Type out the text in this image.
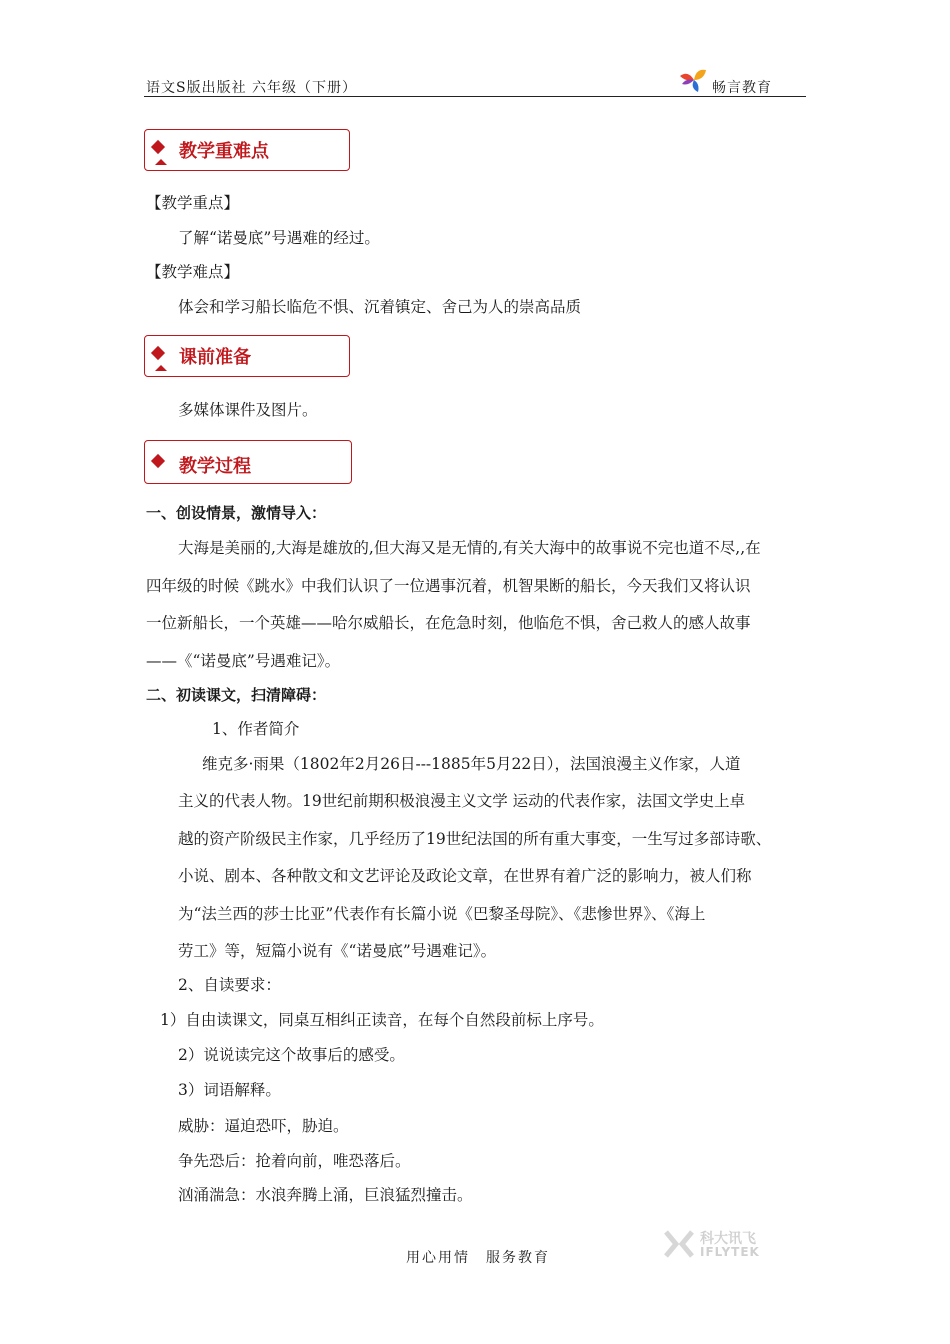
语文S版出版社 六年级（下册）	畅言教育
教学重难点
【教学重点】
了解“诺曼底”号遇难的经过。
【教学难点】
体会和学习船长临危不惧、沉着镇定、舍己为人的崇高品质
课前准备
多媒体课件及图片。
教学过程
一、创设情景，激情导入：
大海是美丽的,大海是雄放的,但大海又是无情的,有关大海中的故事说不完也道不尽,,在
四年级的时候《跳水》中我们认识了一位遇事沉着，机智果断的船长，今天我们又将认识
一位新船长，一个英雄——哈尔威船长，在危急时刻，他临危不惧，舍己救人的感人故事
——《“诺曼底”号遇难记》。
二、初读课文，扫清障碍：
1、作者简介
维克多·雨果（1802年2月26日---1885年5月22日），法国浪漫主义作家，人道
主义的代表人物。19世纪前期积极浪漫主义文学 运动的代表作家，法国文学史上卓
越的资产阶级民主作家，几乎经历了19世纪法国的所有重大事变，一生写过多部诗歌、
小说、剧本、各种散文和文艺评论及政论文章，在世界有着广泛的影响力，被人们称
为“法兰西的莎士比亚”代表作有长篇小说《巴黎圣母院》、《悲惨世界》、《海上
劳工》等，短篇小说有《“诺曼底”号遇难记》。
2、自读要求：
1）自由读课文，同桌互相纠正读音，在每个自然段前标上序号。
2）说说读完这个故事后的感受。
3）词语解释。
威胁：逼迫恐吓，胁迫。
争先恐后：抢着向前，唯恐落后。
汹涌湍急：水浪奔腾上涌，巨浪猛烈撞击。
用心用情　服务教育
科大讯飞
IFLYTEK
